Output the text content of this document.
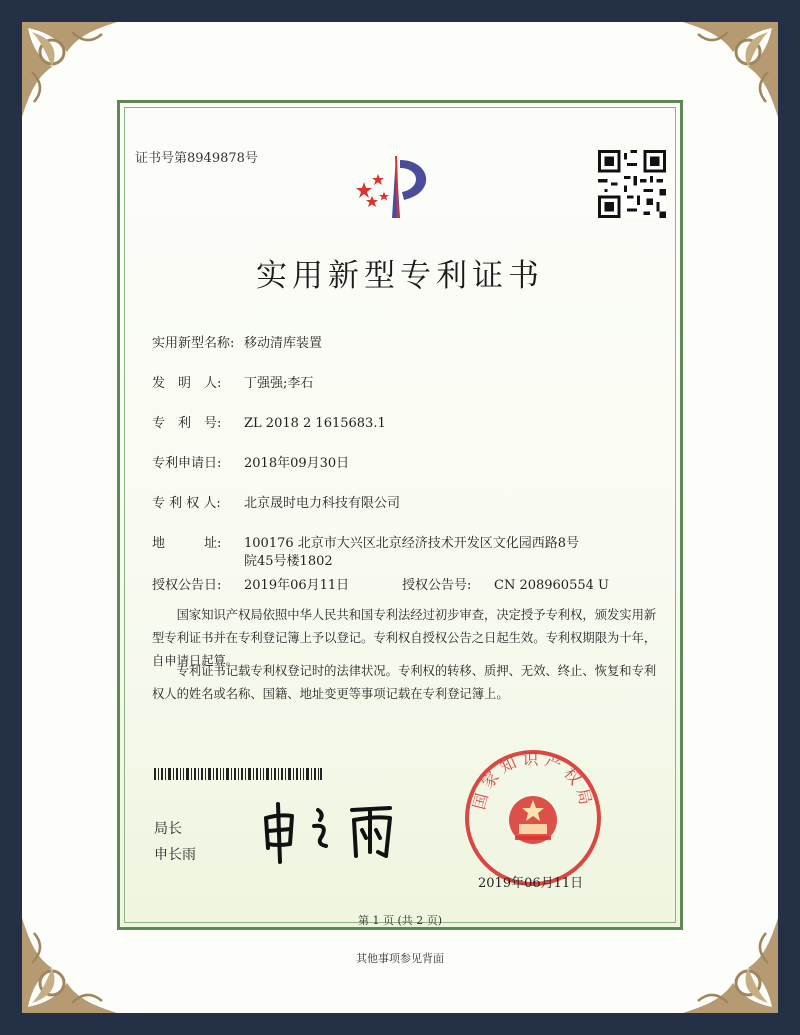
证书号第8949878号
实用新型专利证书
实用新型名称: 移动清库装置
发　明　人: 丁强强;李石
专　利　号: ZL 2018 2 1615683.1
专利申请日: 2018年09月30日
专 利 权 人: 北京晟时电力科技有限公司
地　　　址: 100176 北京市大兴区北京经济技术开发区文化园西路8号
院45号楼1802
授权公告日: 2019年06月11日	授权公告号: CN 208960554 U
国家知识产权局依照中华人民共和国专利法经过初步审查，决定授予专利权，颁发实用新型专利证书并在专利登记簿上予以登记。专利权自授权公告之日起生效。专利权期限为十年，自申请日起算。
专利证书记载专利权登记时的法律状况。专利权的转移、质押、无效、终止、恢复和专利权人的姓名或名称、国籍、地址变更等事项记载在专利登记簿上。
局长
申长雨
国家知识产权局
2019年06月11日
第 1 页 (共 2 页)
其他事项参见背面
